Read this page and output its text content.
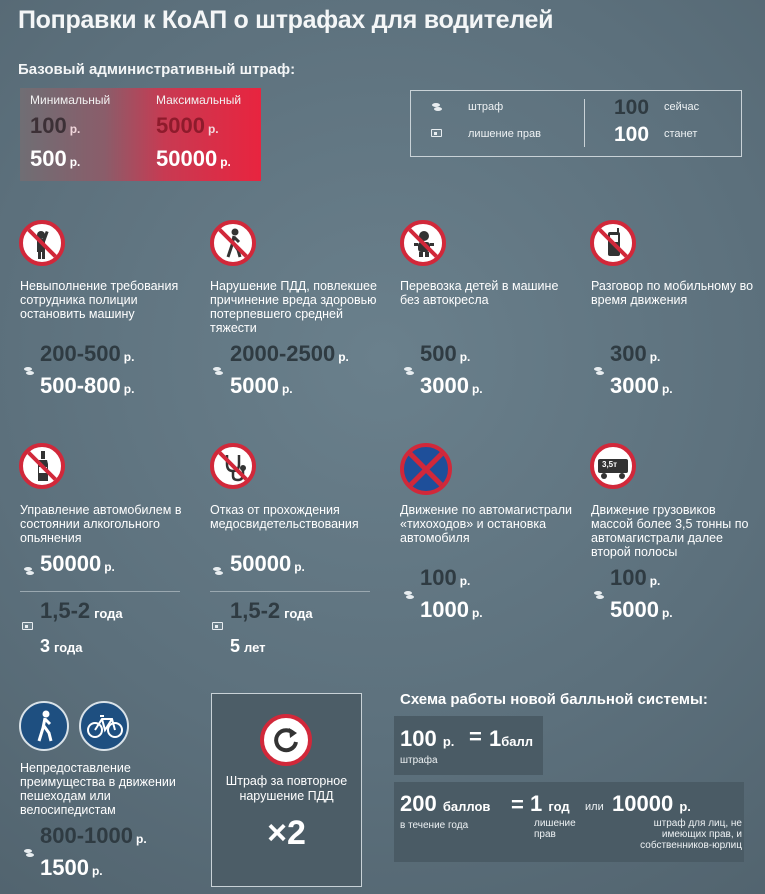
Поправки к КоАП о штрафах для водителей
Базовый административный штраф:
Минимальный	Максимальный
100 р.	5000 р.
500 р.	50000 р.
штраф
лишение прав
100 сейчас
100 станет
Невыполнение требования сотрудника полиции остановить машину
200-500 р.
500-800 р.
Нарушение ПДД, повлекшее причинение вреда здоровью потерпевшего средней тяжести
2000-2500 р.
5000 р.
Перевозка детей в машине без автокресла
500 р.
3000 р.
Разговор по мобильному во время движения
300 р.
3000 р.
Управление автомобилем в состоянии алкогольного опьянения
50000 р.
1,5-2 года
3 года
Отказ от прохождения медосвидетельствования
50000 р.
1,5-2 года
5 лет
Движение по автомагистрали «тихоходов» и остановка автомобиля
100 р.
1000 р.
3,5т
Движение грузовиков массой более 3,5 тонны по автомагистрали далее второй полосы
100 р.
5000 р.
Непредоставление преимущества в движении пешеходам или велосипедистам
800-1000 р.
1500 р.
Штраф за повторное нарушение ПДД
×2
Схема работы новой балльной системы:
100 р.
штрафа
= 1балл
200 баллов
в течение года
= 1 год
лишение прав
или 10000 р.
штраф для лиц, не имеющих прав, и собственников-юрлиц
